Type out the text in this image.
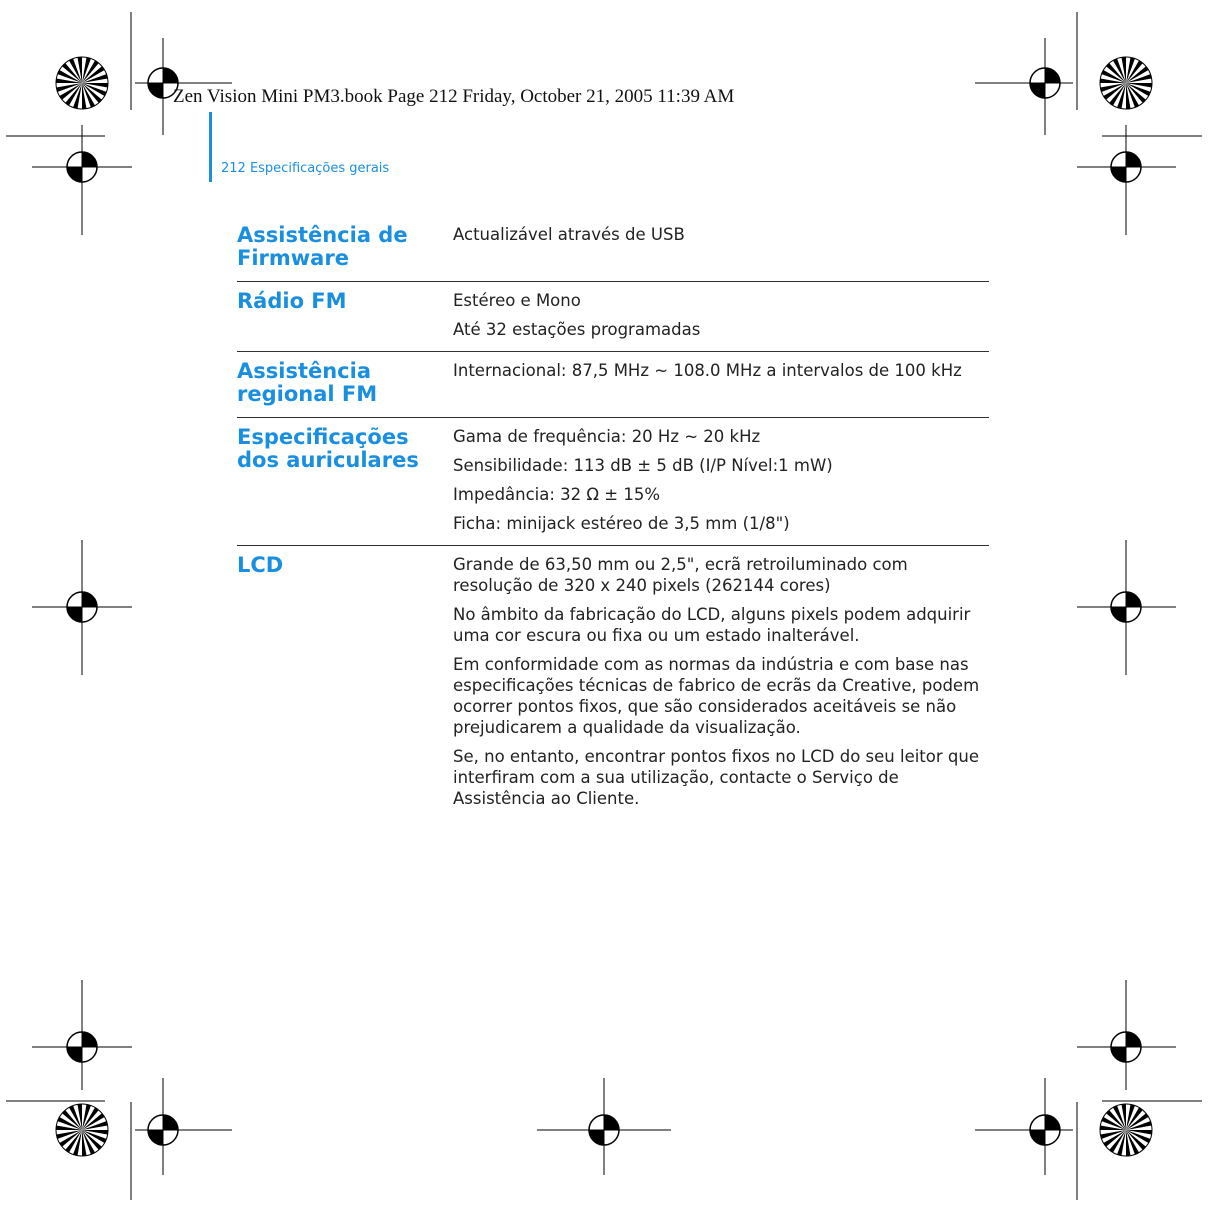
Zen Vision Mini PM3.book Page 212 Friday, October 21, 2005 11:39 AM

212 Especificações gerais

Assistência de Firmware

Actualizável através de USB

Rádio FM	Estéreo e Mono

Até 32 estações programadas

Assistência regional FM

Internacional: 87,5 MHz ~ 108.0 MHz a intervalos de 100 kHz

Especificações dos auriculares

Gama de frequência: 20 Hz ~ 20 kHz

Sensibilidade: 113 dB ± 5 dB (I/P Nível:1 mW)

Impedância: 32 Ω ± 15%

Ficha: minijack estéreo de 3,5 mm (1/8")

LCD	Grande de 63,50 mm ou 2,5", ecrã retroiluminado com resolução de 320 x 240 pixels (262144 cores)

No âmbito da fabricação do LCD, alguns pixels podem adquirir uma cor escura ou fixa ou um estado inalterável.

Em conformidade com as normas da indústria e com base nas especificações técnicas de fabrico de ecrãs da Creative, podem ocorrer pontos fixos, que são considerados aceitáveis se não prejudicarem a qualidade da visualização.

Se, no entanto, encontrar pontos fixos no LCD do seu leitor que interfiram com a sua utilização, contacte o Serviço de Assistência ao Cliente.
